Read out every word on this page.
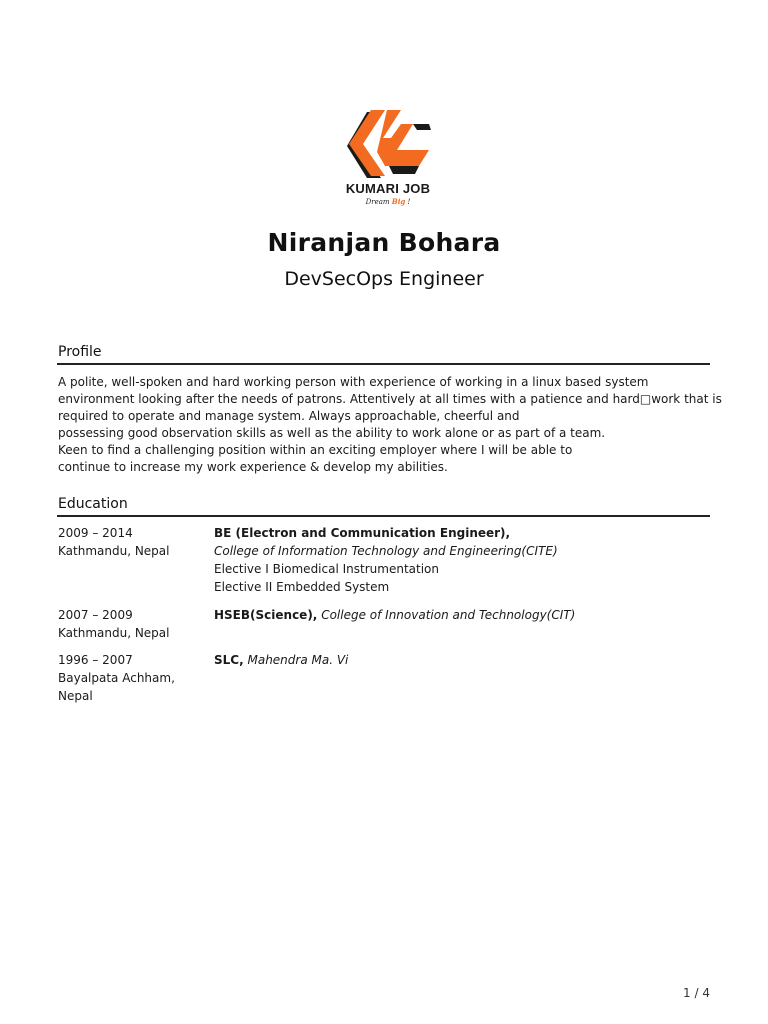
KUMARI JOB
Dream Big !
Niranjan Bohara
DevSecOps Engineer
Profile
A polite, well-spoken and hard working person with experience of working in a linux based system
environment looking after the needs of patrons. Attentively at all times with a patience and hard□work that is
required to operate and manage system. Always approachable, cheerful and
possessing good observation skills as well as the ability to work alone or as part of a team.
Keen to find a challenging position within an exciting employer where I will be able to
continue to increase my work experience & develop my abilities.
Education
2009 – 2014
Kathmandu, Nepal
BE (Electron and Communication Engineer),
College of Information Technology and Engineering(CITE)
Elective I Biomedical Instrumentation
Elective II Embedded System
2007 – 2009
Kathmandu, Nepal
HSEB(Science), College of Innovation and Technology(CIT)
1996 – 2007
Bayalpata Achham,
Nepal
SLC, Mahendra Ma. Vi
1 / 4
